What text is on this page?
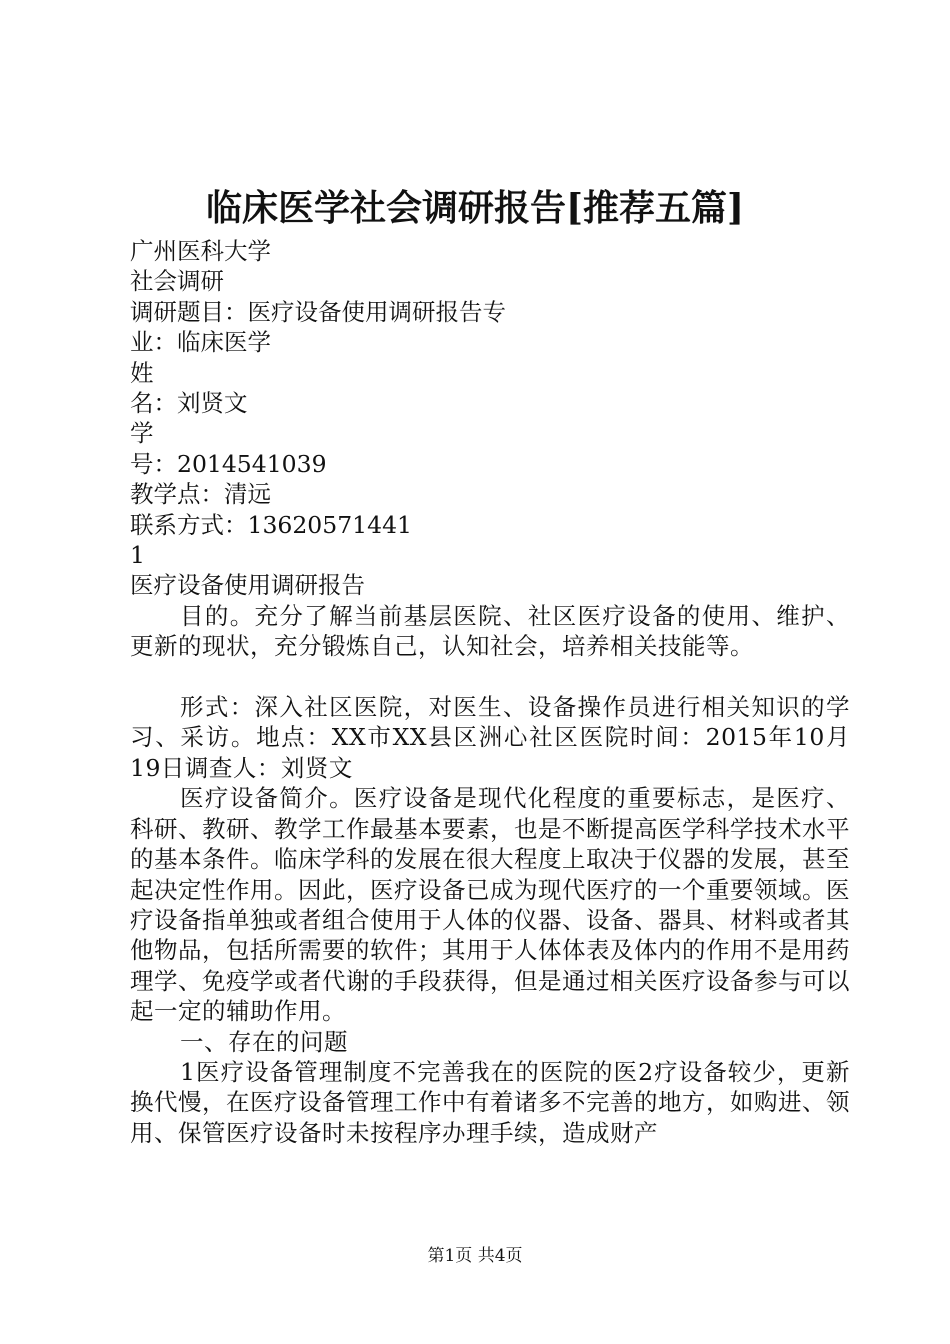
临床医学社会调研报告[推荐五篇]

广州医科大学

社会调研

调研题目：医疗设备使用调研报告专

业：临床医学

姓

名：刘贤文

学

号：2014541039

教学点：清远

联系方式：13620571441

1

医疗设备使用调研报告

目的。充分了解当前基层医院、社区医疗设备的使用、维护、更新的现状，充分锻炼自己，认知社会，培养相关技能等。

形式：深入社区医院，对医生、设备操作员进行相关知识的学习、采访。地点：XX市XX县区洲心社区医院时间：2015年10月19日调查人：刘贤文

医疗设备简介。医疗设备是现代化程度的重要标志，是医疗、科研、教研、教学工作最基本要素，也是不断提高医学科学技术水平的基本条件。临床学科的发展在很大程度上取决于仪器的发展，甚至起决定性作用。因此，医疗设备已成为现代医疗的一个重要领域。医疗设备指单独或者组合使用于人体的仪器、设备、器具、材料或者其他物品，包括所需要的软件；其用于人体体表及体内的作用不是用药理学、免疫学或者代谢的手段获得，但是通过相关医疗设备参与可以起一定的辅助作用。

一、存在的问题

1医疗设备管理制度不完善我在的医院的医2疗设备较少，更新换代慢，在医疗设备管理工作中有着诸多不完善的地方，如购进、领用、保管医疗设备时未按程序办理手续，造成财产

第1页 共4页
